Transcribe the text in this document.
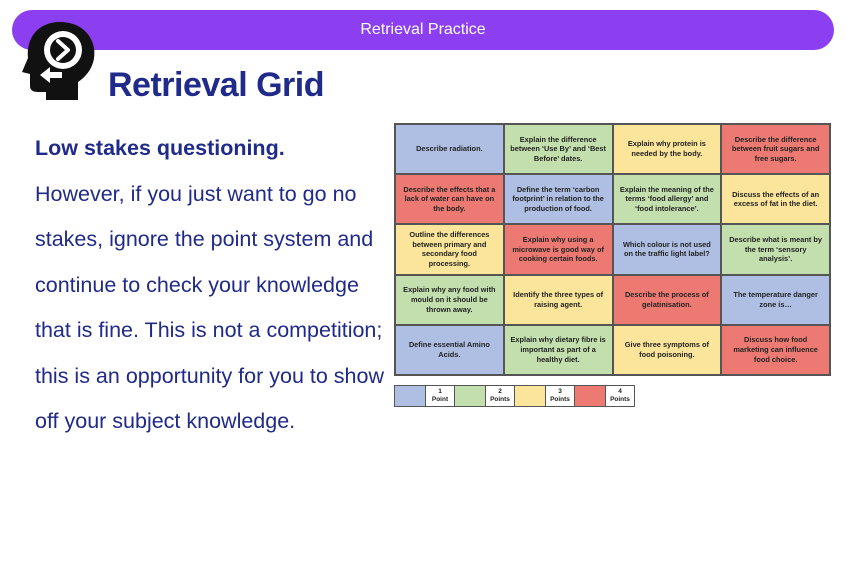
Retrieval Practice
Retrieval Grid
Low stakes questioning.
However, if you just want to go no stakes, ignore the point system and continue to check your knowledge that is fine. This is not a competition; this is an opportunity for you to show off your subject knowledge.
Describe radiation.
Explain the difference between ‘Use By’ and ‘Best Before’ dates.
Explain why protein is needed by the body.
Describe the difference between fruit sugars and free sugars.
Describe the effects that a lack of water can have on the body.
Define the term ‘carbon footprint’ in relation to the production of food.
Explain the meaning of the terms ‘food allergy’ and ‘food intolerance’.
Discuss the effects of an excess of fat in the diet.
Outline the differences between primary and secondary food processing.
Explain why using a microwave is good way of cooking certain foods.
Which colour is not used on the traffic light label?
Describe what is meant by the term ‘sensory analysis’.
Explain why any food with mould on it should be thrown away.
Identify the three types of raising agent.
Describe the process of gelatinisation.
The temperature danger zone is…
Define essential Amino Acids.
Explain why dietary fibre is important as part of a healthy diet.
Give three symptoms of food poisoning.
Discuss how food marketing can influence food choice.
1
Point
2
Points
3
Points
4
Points
